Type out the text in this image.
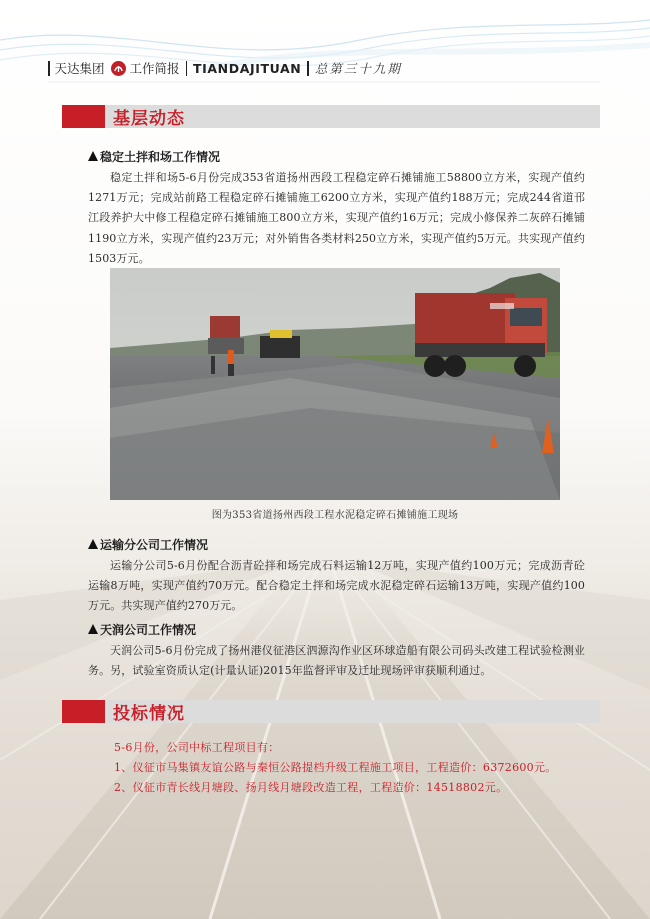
天达集团 工作简报 TIANDAJITUAN 总第三十九期
基层动态
稳定土拌和场工作情况
稳定土拌和场5-6月份完成353省道扬州西段工程稳定碎石摊铺施工58800立方米，实现产值约1271万元；完成站前路工程稳定碎石摊铺施工6200立方米，实现产值约188万元；完成244省道邗江段养护大中修工程稳定碎石摊铺施工800立方米，实现产值约16万元；完成小修保养二灰碎石摊铺1190立方米，实现产值约23万元；对外销售各类材料250立方米，实现产值约5万元。共实现产值约1503万元。
图为353省道扬州西段工程水泥稳定碎石摊铺施工现场
运输分公司工作情况
运输分公司5-6月份配合沥青砼拌和场完成石料运输12万吨，实现产值约100万元；完成沥青砼运输8万吨，实现产值约70万元。配合稳定土拌和场完成水泥稳定碎石运输13万吨，实现产值约100万元。共实现产值约270万元。
天润公司工作情况
天润公司5-6月份完成了扬州港仪征港区泗源沟作业区环球造船有限公司码头改建工程试验检测业务。另，试验室资质认定(计量认证)2015年监督评审及迁址现场评审获顺利通过。
投标情况
5-6月份，公司中标工程项目有：
1、仪征市马集镇友谊公路与秦恒公路提档升级工程施工项目，工程造价：6372600元。
2、仪征市青长线月塘段、扬月线月塘段改造工程，工程造价：14518802元。
